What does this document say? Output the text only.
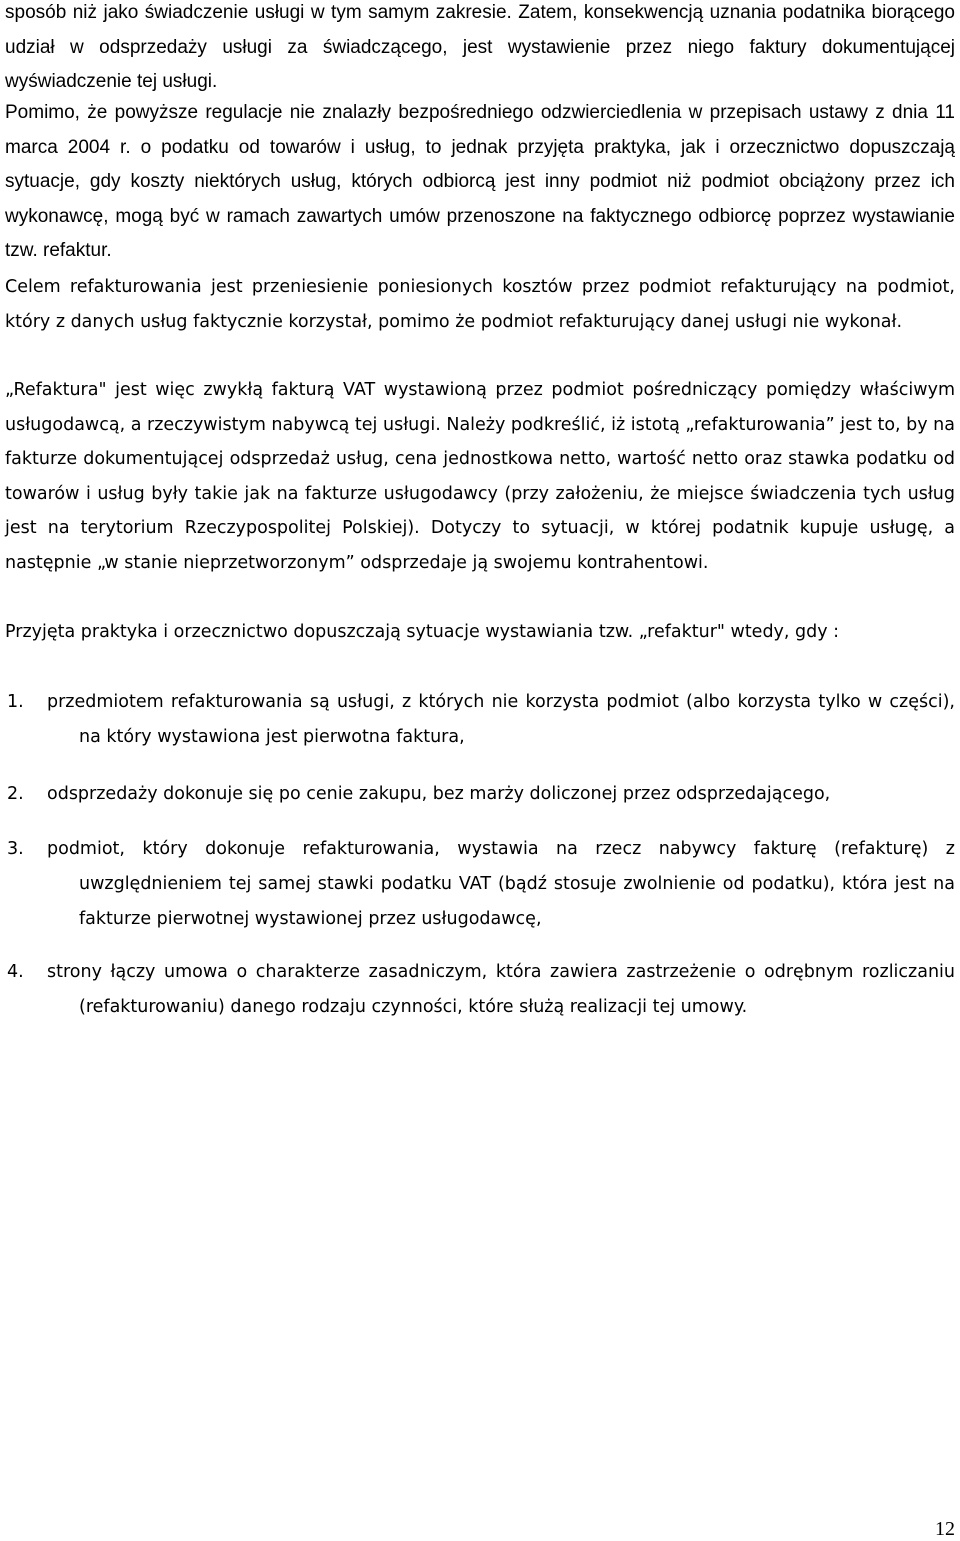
sposób niż jako świadczenie usługi w tym samym zakresie. Zatem, konsekwencją uznania podatnika biorącego udział w odsprzedaży usługi za świadczącego, jest wystawienie przez niego faktury dokumentującej wyświadczenie tej usługi.

Pomimo, że powyższe regulacje nie znalazły bezpośredniego odzwierciedlenia w przepisach ustawy z dnia 11 marca 2004 r. o podatku od towarów i usług, to jednak przyjęta praktyka, jak i orzecznictwo dopuszczają sytuacje, gdy koszty niektórych usług, których odbiorcą jest inny podmiot niż podmiot obciążony przez ich wykonawcę, mogą być w ramach zawartych umów przenoszone na faktycznego odbiorcę poprzez wystawianie tzw. refaktur.

Celem refakturowania jest przeniesienie poniesionych kosztów przez podmiot refakturujący na podmiot, który z danych usług faktycznie korzystał, pomimo że podmiot refakturujący danej usługi nie wykonał.

„Refaktura" jest więc zwykłą fakturą VAT wystawioną przez podmiot pośredniczący pomiędzy właściwym usługodawcą, a rzeczywistym nabywcą tej usługi. Należy podkreślić, iż istotą „refakturowania” jest to, by na fakturze dokumentującej odsprzedaż usług, cena jednostkowa netto, wartość netto oraz stawka podatku od towarów i usług były takie jak na fakturze usługodawcy (przy założeniu, że miejsce świadczenia tych usług jest na terytorium Rzeczypospolitej Polskiej). Dotyczy to sytuacji, w której podatnik kupuje usługę, a następnie „w stanie nieprzetworzonym” odsprzedaje ją swojemu kontrahentowi.

Przyjęta praktyka i orzecznictwo dopuszczają sytuacje wystawiania tzw. „refaktur" wtedy, gdy :

1. przedmiotem refakturowania są usługi, z których nie korzysta podmiot (albo korzysta tylko w części), na który wystawiona jest pierwotna faktura,
2. odsprzedaży dokonuje się po cenie zakupu, bez marży doliczonej przez odsprzedającego,
3. podmiot, który dokonuje refakturowania, wystawia na rzecz nabywcy fakturę (refakturę) z uwzględnieniem tej samej stawki podatku VAT (bądź stosuje zwolnienie od podatku), która jest na fakturze pierwotnej wystawionej przez usługodawcę,
4. strony łączy umowa o charakterze zasadniczym, która zawiera zastrzeżenie o odrębnym rozliczaniu (refakturowaniu) danego rodzaju czynności, które służą realizacji tej umowy.
12
